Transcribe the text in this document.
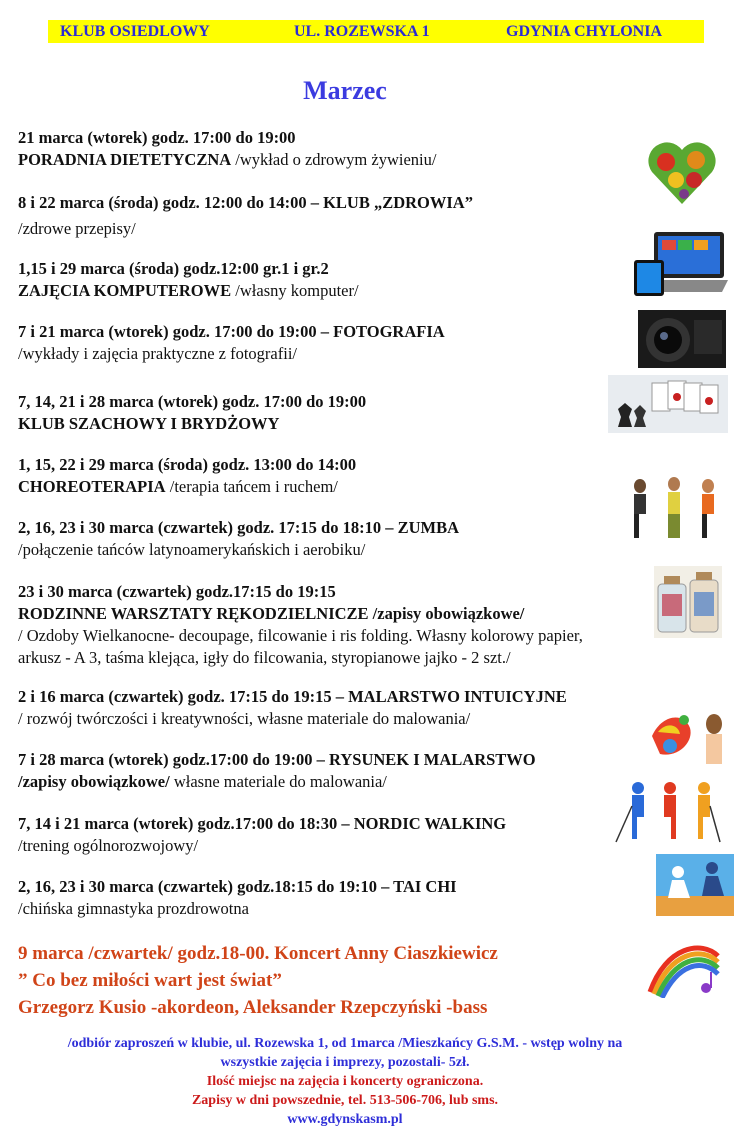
KLUB OSIEDLOWY	UL. ROZEWSKA 1	GDYNIA CHYLONIA
Marzec
21 marca (wtorek) godz. 17:00 do 19:00
PORADNIA DIETETYCZNA /wykład o zdrowym żywieniu/
8 i 22 marca (środa) godz. 12:00 do 14:00 – KLUB „ZDROWIA”
/zdrowe przepisy/
1,15 i 29 marca (środa) godz.12:00 gr.1 i gr.2
ZAJĘCIA KOMPUTEROWE /własny komputer/
7 i 21 marca (wtorek) godz. 17:00 do 19:00 – FOTOGRAFIA
/wykłady i zajęcia praktyczne z fotografii/
7, 14, 21 i 28 marca (wtorek) godz. 17:00 do 19:00
KLUB SZACHOWY I BRYDŻOWY
1, 15, 22 i 29 marca (środa) godz. 13:00 do 14:00
CHOREOTERAPIA /terapia tańcem i ruchem/
2, 16, 23 i 30 marca (czwartek) godz. 17:15 do 18:10 – ZUMBA
/połączenie tańców latynoamerykańskich i aerobiku/
23 i 30 marca (czwartek) godz.17:15 do 19:15
RODZINNE WARSZTATY RĘKODZIELNICZE /zapisy obowiązkowe/
/ Ozdoby Wielkanocne- decoupage, filcowanie i ris folding. Własny kolorowy papier,
arkusz - A 3, taśma klejąca, igły do filcowania, styropianowe jajko - 2 szt./
2 i 16 marca (czwartek) godz. 17:15 do 19:15 – MALARSTWO INTUICYJNE
/ rozwój twórczości i kreatywności, własne materiale do malowania/
7 i 28 marca (wtorek) godz.17:00 do 19:00 – RYSUNEK I MALARSTWO
/zapisy obowiązkowe/ własne materiale do malowania/
7, 14 i 21 marca (wtorek) godz.17:00 do 18:30 – NORDIC WALKING
/trening ogólnorozwojowy/
2, 16, 23 i 30 marca (czwartek) godz.18:15 do 19:10 – TAI CHI
/chińska gimnastyka prozdrowotna
9 marca /czwartek/ godz.18-00. Koncert Anny Ciaszkiewicz
” Co bez miłości wart jest świat”
Grzegorz Kusio -akordeon, Aleksander Rzepczyński -bass
/odbiór zaproszeń w klubie, ul. Rozewska 1, od 1marca /Mieszkańcy G.S.M. - wstęp wolny na
wszystkie zajęcia i imprezy, pozostali- 5zł.
Ilość miejsc na zajęcia i koncerty ograniczona.
Zapisy w dni powszednie, tel. 513-506-706, lub sms.
www.gdynskasm.pl
